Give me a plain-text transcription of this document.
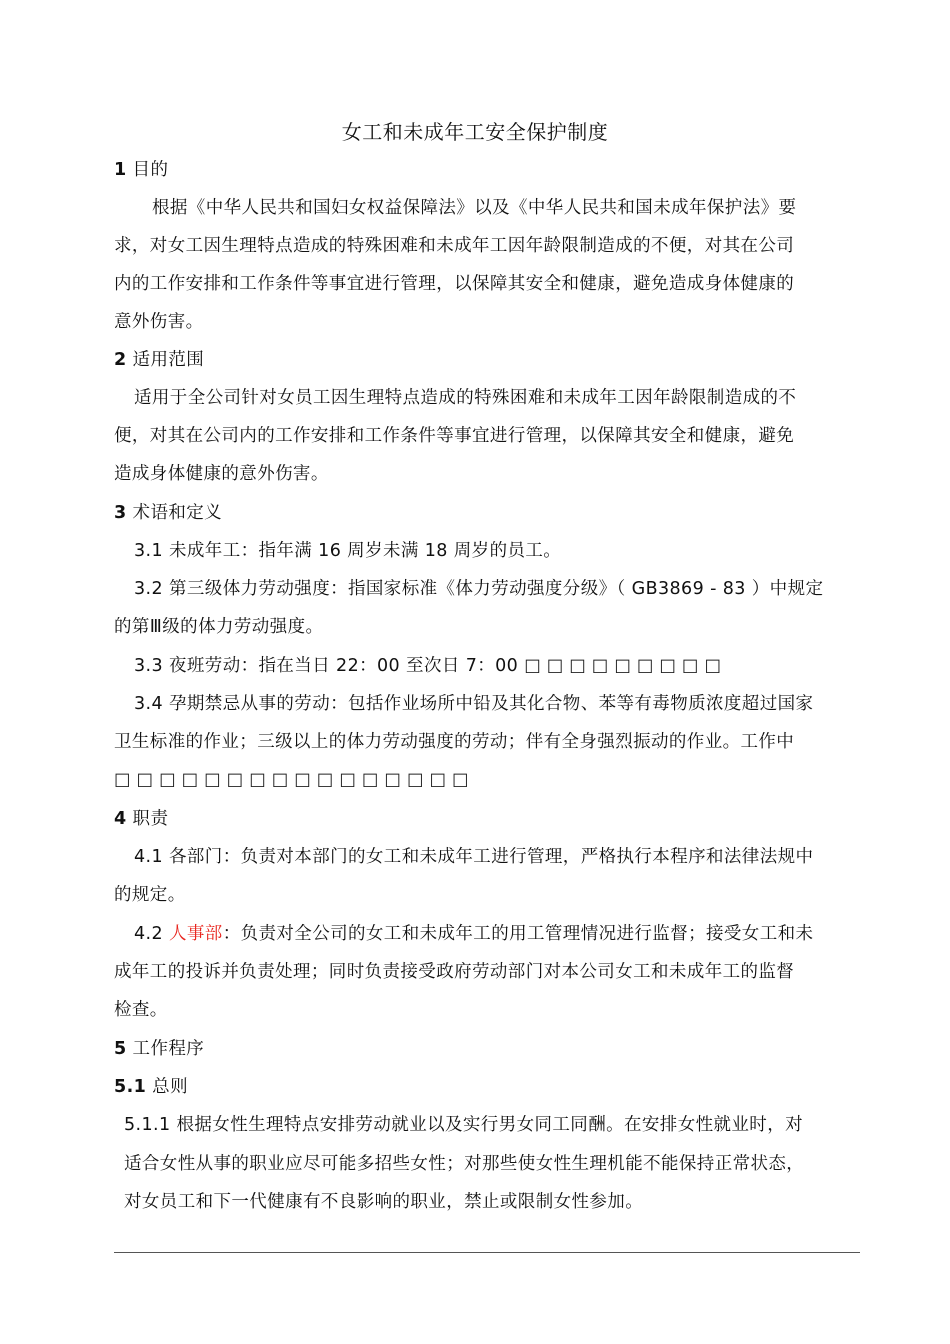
女工和未成年工安全保护制度
1 目的
根据《中华人民共和国妇女权益保障法》以及《中华人民共和国未成年保护法》要
求，对女工因生理特点造成的特殊困难和未成年工因年龄限制造成的不便，对其在公司
内的工作安排和工作条件等事宜进行管理，以保障其安全和健康，避免造成身体健康的
意外伤害。
2 适用范围
适用于全公司针对女员工因生理特点造成的特殊困难和未成年工因年龄限制造成的不
便，对其在公司内的工作安排和工作条件等事宜进行管理，以保障其安全和健康，避免
造成身体健康的意外伤害。
3 术语和定义
3.1 未成年工：指年满 16 周岁未满 18 周岁的员工。
3.2 第三级体力劳动强度：指国家标准《体力劳动强度分级》（ GB3869 - 83 ）中规定
的第Ⅲ级的体力劳动强度。
3.3 夜班劳动：指在当日 22：00 至次日 7：00 □□□□□□□□□
3.4 孕期禁忌从事的劳动：包括作业场所中铅及其化合物、苯等有毒物质浓度超过国家
卫生标准的作业；三级以上的体力劳动强度的劳动；伴有全身强烈振动的作业。工作中
□□□□□□□□□□□□□□□□
4 职责
4.1 各部门：负责对本部门的女工和未成年工进行管理，严格执行本程序和法律法规中
的规定。
4.2 人事部：负责对全公司的女工和未成年工的用工管理情况进行监督；接受女工和未
成年工的投诉并负责处理；同时负责接受政府劳动部门对本公司女工和未成年工的监督
检查。
5 工作程序
5.1 总则
5.1.1 根据女性生理特点安排劳动就业以及实行男女同工同酬。在安排女性就业时，对
适合女性从事的职业应尽可能多招些女性；对那些使女性生理机能不能保持正常状态，
对女员工和下一代健康有不良影响的职业，禁止或限制女性参加。
